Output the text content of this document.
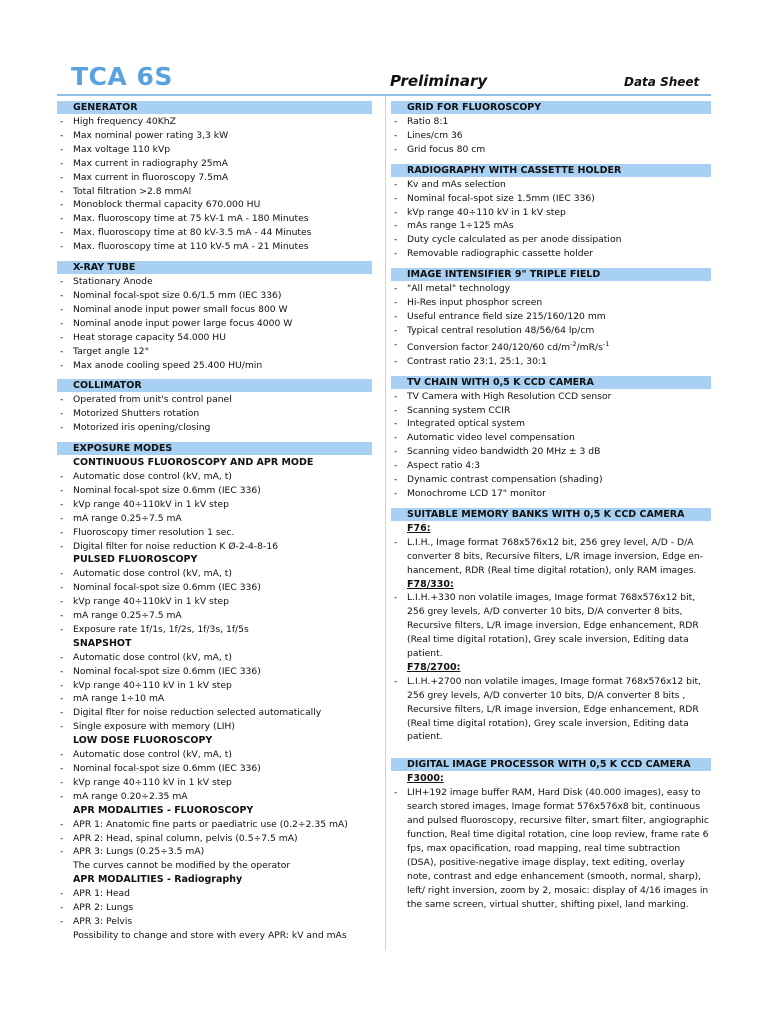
TCA 6S	Preliminary	Data Sheet
GENERATOR
- High frequency 40KhZ
- Max nominal power rating 3,3 kW
- Max voltage 110 kVp
- Max current in radiography 25mA
- Max current in fluoroscopy 7.5mA
- Total filtration >2.8 mmAl
- Monoblock thermal capacity 670.000 HU
- Max. fluoroscopy time at 75 kV-1 mA - 180 Minutes
- Max. fluoroscopy time at 80 kV-3.5 mA - 44 Minutes
- Max. fluoroscopy time at 110 kV-5 mA - 21 Minutes
X-RAY TUBE
- Stationary Anode
- Nominal focal-spot size 0.6/1.5 mm (IEC 336)
- Nominal anode input power small focus 800 W
- Nominal anode input power large focus 4000 W
- Heat storage capacity 54.000 HU
- Target angle 12°
- Max anode cooling speed 25.400 HU/min
COLLIMATOR
- Operated from unit's control panel
- Motorized Shutters rotation
- Motorized iris opening/closing
EXPOSURE MODES
CONTINUOUS FLUOROSCOPY AND APR MODE
- Automatic dose control (kV, mA, t)
- Nominal focal-spot size 0.6mm (IEC 336)
- kVp range 40÷110kV in 1 kV step
- mA range 0.25÷7.5 mA
- Fluoroscopy timer resolution 1 sec.
- Digital filter for noise reduction K Ø-2-4-8-16
PULSED FLUOROSCOPY
- Automatic dose control (kV, mA, t)
- Nominal focal-spot size 0.6mm (IEC 336)
- kVp range 40÷110kV in 1 kV step
- mA range 0.25÷7.5 mA
- Exposure rate 1f/1s, 1f/2s, 1f/3s, 1f/5s
SNAPSHOT
- Automatic dose control (kV, mA, t)
- Nominal focal-spot size 0.6mm (IEC 336)
- kVp range 40÷110 kV in 1 kV step
- mA range 1÷10 mA
- Digital flter for noise reduction selected automatically
- Single exposure with memory (LIH)
LOW DOSE FLUOROSCOPY
- Automatic dose control (kV, mA, t)
- Nominal focal-spot size 0.6mm (IEC 336)
- kVp range 40÷110 kV in 1 kV step
- mA range 0.20÷2.35 mA
APR MODALITIES - FLUOROSCOPY
- APR 1: Anatomic fine parts or paediatric use (0.2÷2.35 mA)
- APR 2: Head, spinal column, pelvis (0.5÷7.5 mA)
- APR 3: Lungs (0.25÷3.5 mA)
The curves cannot be modified by the operator
APR MODALITIES - Radiography
- APR 1: Head
- APR 2: Lungs
- APR 3: Pelvis
Possibility to change and store with every APR: kV and mAs
GRID FOR FLUOROSCOPY
- Ratio 8:1
- Lines/cm 36
- Grid focus 80 cm
RADIOGRAPHY WITH CASSETTE HOLDER
- Kv and mAs selection
- Nominal focal-spot size 1.5mm (IEC 336)
- kVp range 40÷110 kV in 1 kV step
- mAs range 1÷125 mAs
- Duty cycle calculated as per anode dissipation
- Removable radiographic cassette holder
IMAGE INTENSIFIER 9" TRIPLE FIELD
- "All metal" technology
- Hi-Res input phosphor screen
- Useful entrance field size 215/160/120 mm
- Typical central resolution 48/56/64 lp/cm
- Conversion factor 240/120/60 $cd/m^{-2}/mR/s^{-1}$
- Contrast ratio 23:1, 25:1, 30:1
TV CHAIN WITH 0,5 K CCD CAMERA
- TV Camera with High Resolution CCD sensor
- Scanning system CCIR
- Integrated optical system
- Automatic video level compensation
- Scanning video bandwidth 20 MHz ± 3 dB
- Aspect ratio 4:3
- Dynamic contrast compensation (shading)
- Monochrome LCD 17" monitor
SUITABLE MEMORY BANKS WITH 0,5 K CCD CAMERA
F76:
- L.I.H., Image format 768x576x12 bit, 256 grey level, A/D - D/A converter 8 bits, Recursive filters, L/R image inversion, Edge en-hancement, RDR (Real time digital rotation), only RAM images.
F78/330:
- L.I.H.+330 non volatile images, Image format 768x576x12 bit, 256 grey levels, A/D converter 10 bits, D/A converter 8 bits, Recursive filters, L/R image inversion, Edge enhancement, RDR (Real time digital rotation), Grey scale inversion, Editing data patient.
F78/2700:
- L.I.H.+2700 non volatile images, Image format 768x576x12 bit, 256 grey levels, A/D converter 10 bits, D/A converter 8 bits , Recursive filters, L/R image inversion, Edge enhancement, RDR (Real time digital rotation), Grey scale inversion, Editing data patient.
DIGITAL IMAGE PROCESSOR WITH 0,5 K CCD CAMERA
F3000:
- LIH+192 image buffer RAM, Hard Disk (40.000 images), easy to search stored images, Image format 576x576x8 bit, continuous and pulsed fluoroscopy, recursive filter, smart filter, angiographic function, Real time digital rotation, cine loop review, frame rate 6 fps, max opacification, road mapping, real time subtraction (DSA), positive-negative image display, text editing, overlay note, contrast and edge enhancement (smooth, normal, sharp), left/ right inversion, zoom by 2, mosaic: display of 4/16 images in the same screen, virtual shutter, shifting pixel, land marking.
